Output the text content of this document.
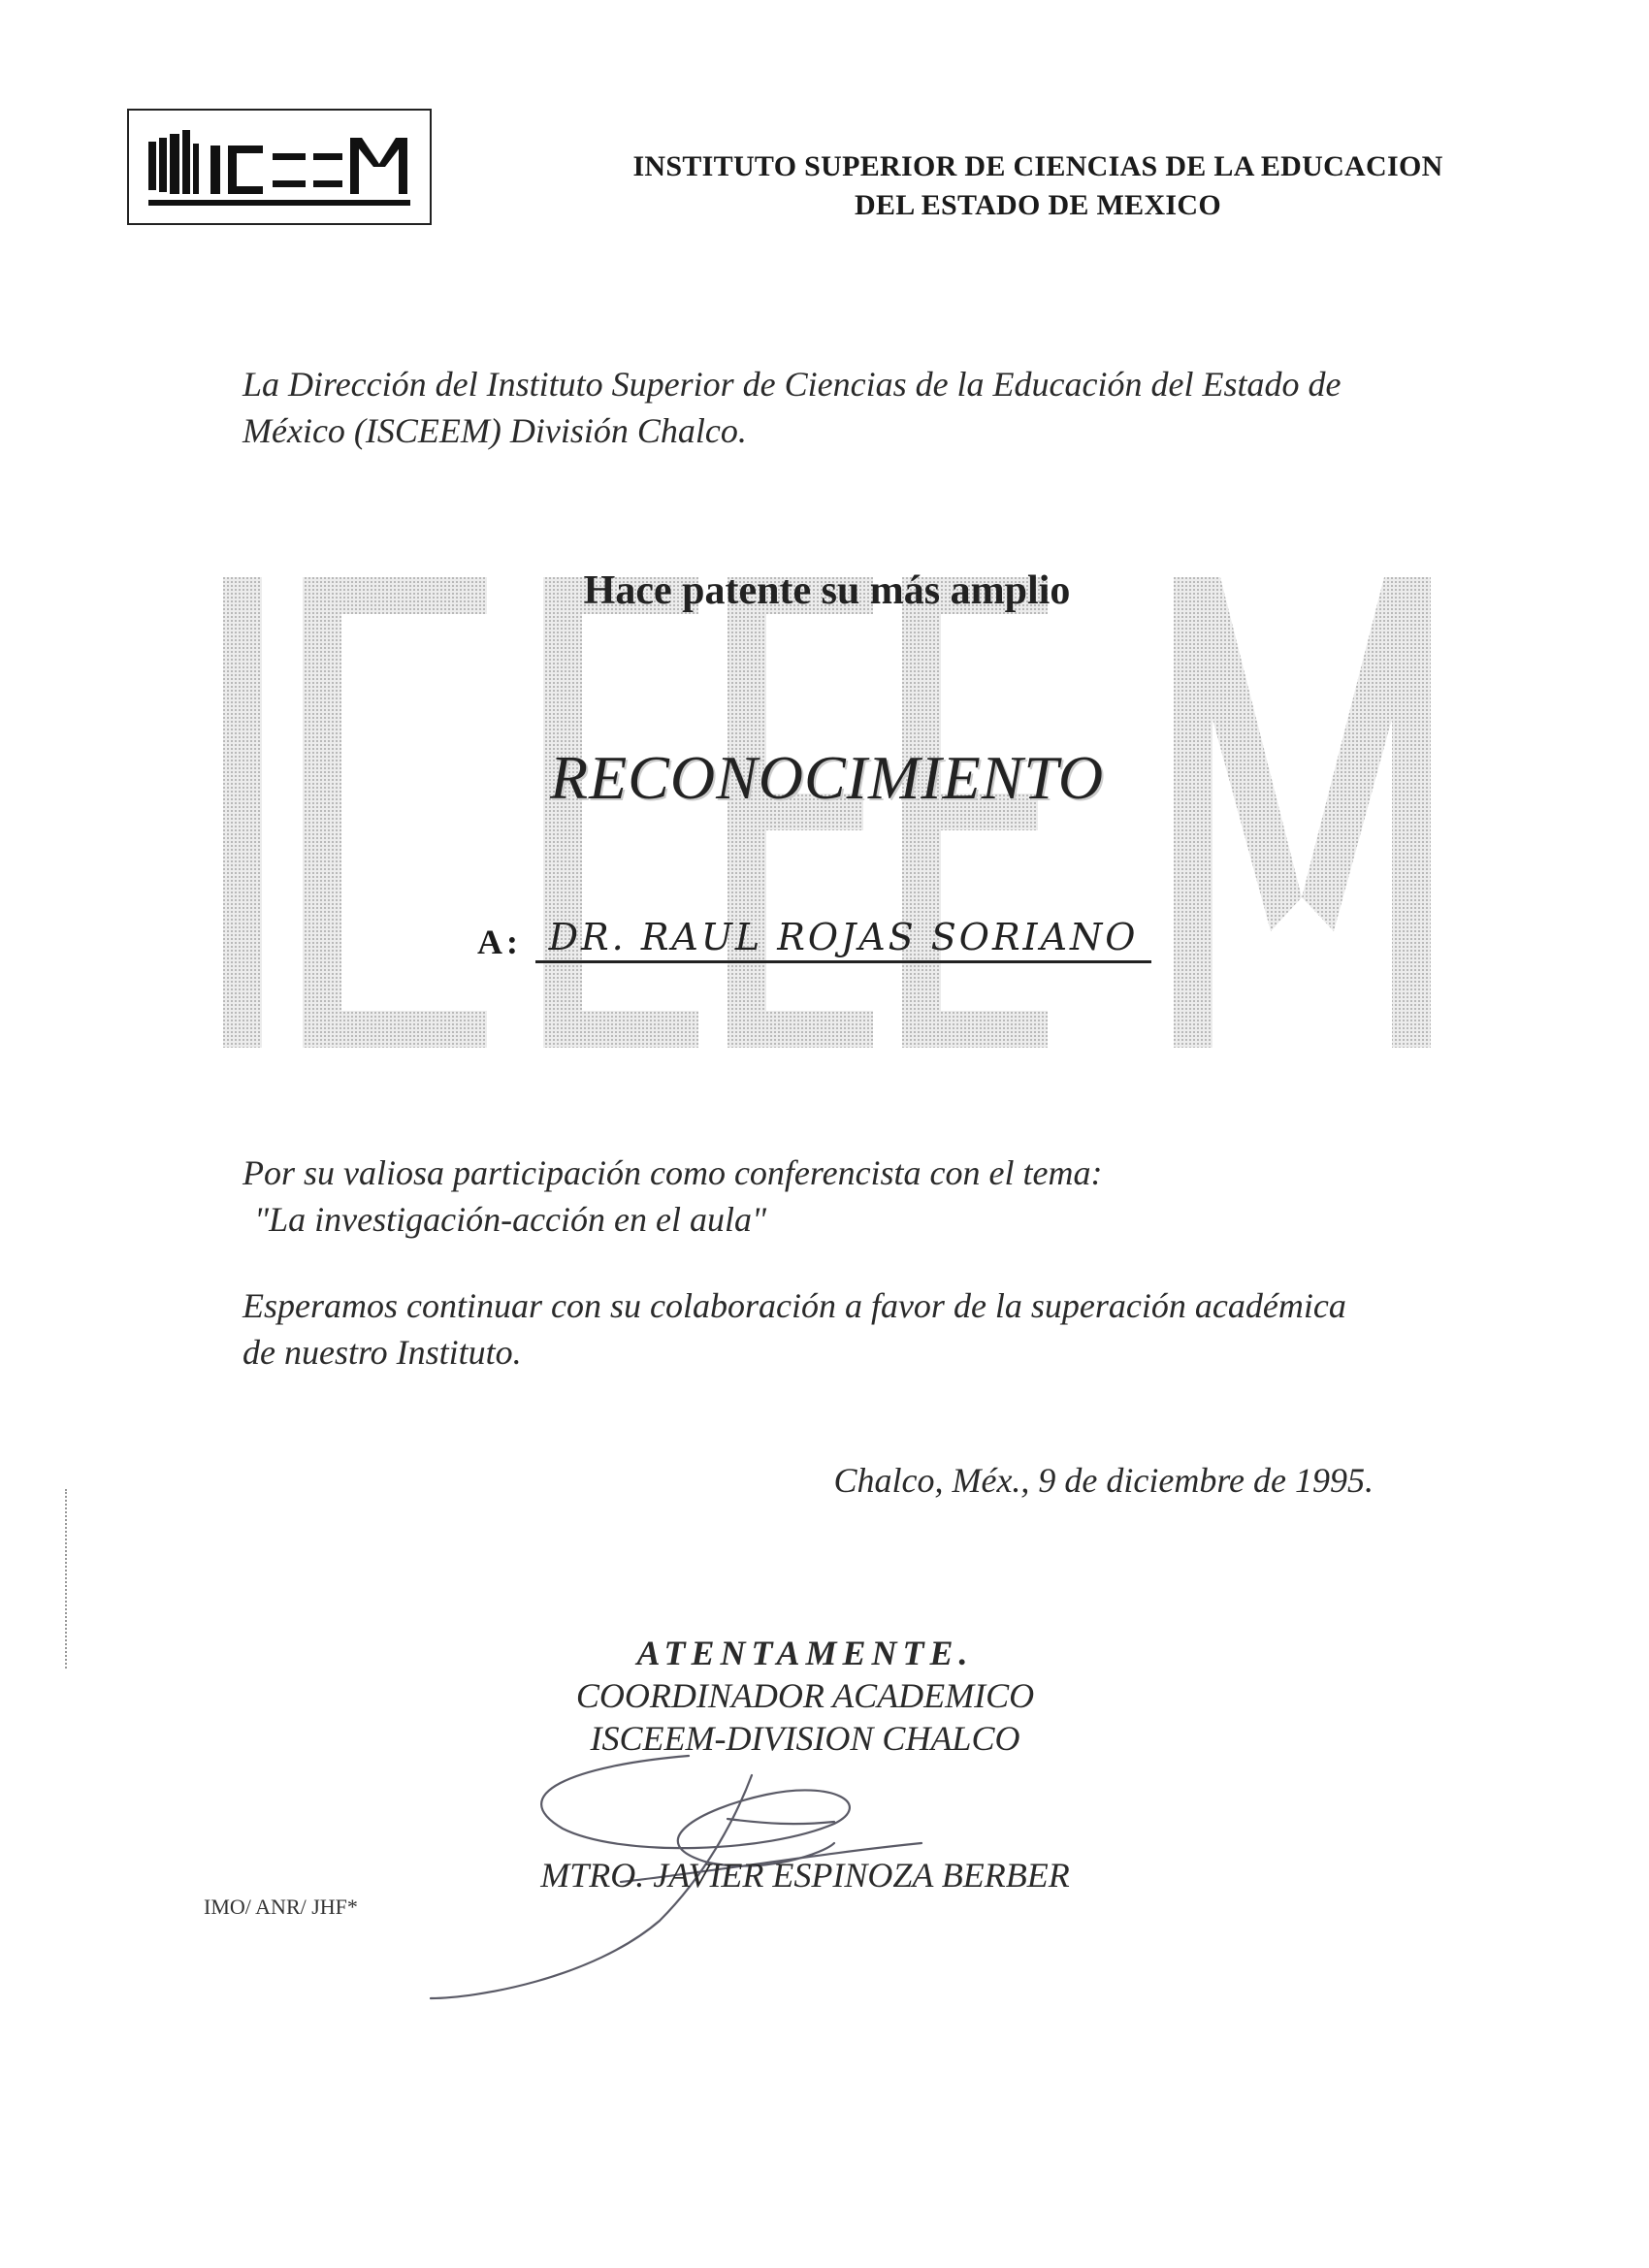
INSTITUTO SUPERIOR DE CIENCIAS DE LA EDUCACION
DEL ESTADO DE MEXICO
La Dirección del Instituto Superior de Ciencias de la Educación del Estado de
México (ISCEEM) División Chalco.
Hace patente su más amplio
RECONOCIMIENTO
A: DR. RAUL ROJAS SORIANO
Por su valiosa participación como conferencista con el tema:
"La investigación-acción en el aula"
Esperamos continuar con su colaboración a favor de la superación académica
de nuestro Instituto.
Chalco, Méx., 9 de diciembre de 1995.
ATENTAMENTE.
COORDINADOR ACADEMICO
ISCEEM-DIVISION CHALCO
MTRO. JAVIER ESPINOZA BERBER
IMO/ ANR/ JHF*
